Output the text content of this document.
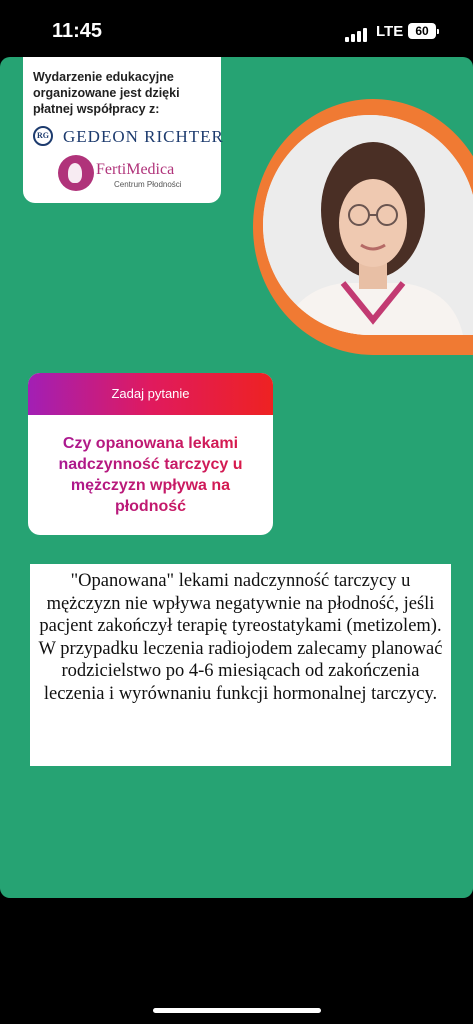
11:45	LTE	60
Wydarzenie edukacyjne organizowane jest dzięki płatnej współpracy z:
RG GEDEON RICHTER
FertiMedica
Centrum Płodności
Zadaj pytanie
Czy opanowana lekami nadczynność tarczycy u mężczyzn wpływa na płodność
"Opanowana" lekami nadczynność tarczycy u mężczyzn nie wpływa negatywnie na płodność, jeśli pacjent zakończył terapię tyreostatykami (metizolem). W przypadku leczenia radiojodem zalecamy planować rodzicielstwo po 4-6 miesiącach od zakończenia leczenia i wyrównaniu funkcji hormonalnej tarczycy.
